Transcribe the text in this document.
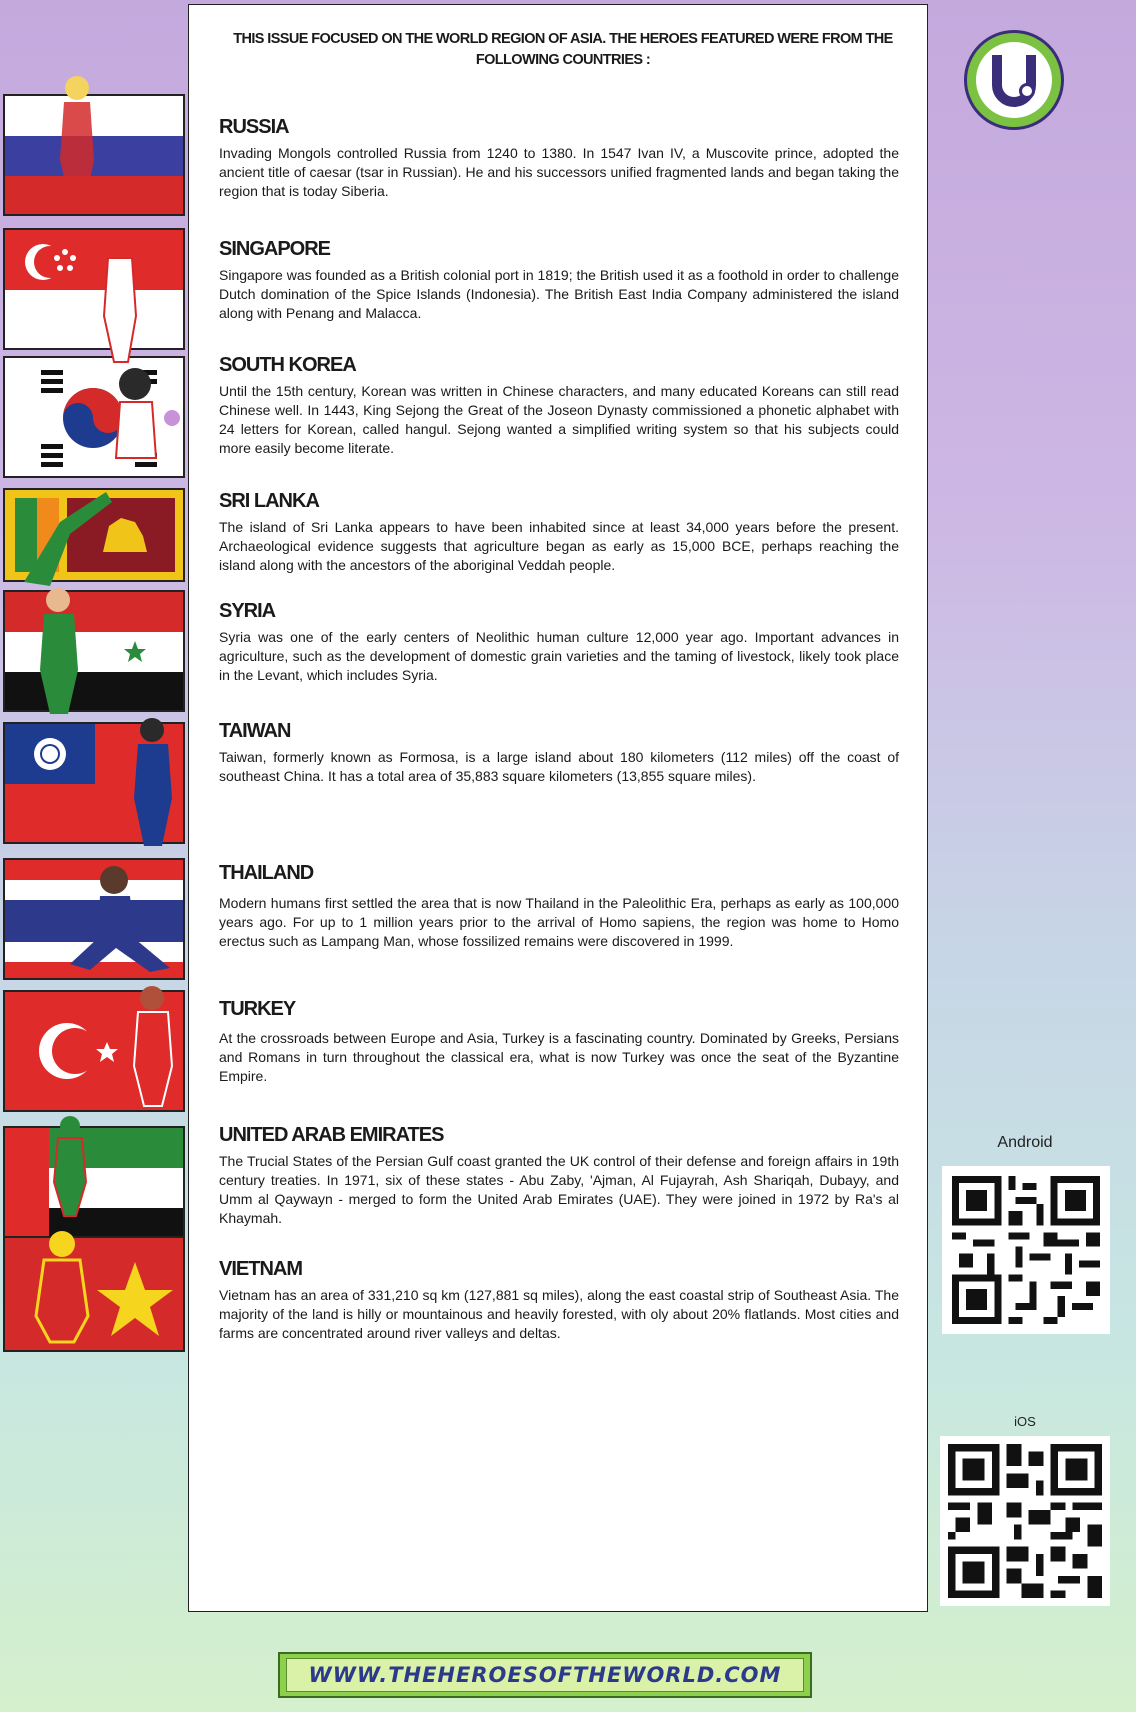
THIS ISSUE FOCUSED ON THE WORLD REGION OF ASIA. THE HEROES FEATURED WERE FROM THE FOLLOWING COUNTRIES :
RUSSIA

Invading Mongols controlled Russia from 1240 to 1380. In 1547 Ivan IV, a Muscovite prince, adopted the ancient title of caesar (tsar in Russian). He and his successors unified fragmented lands and began taking the region that is today Siberia.

SINGAPORE

Singapore was founded as a British colonial port in 1819; the British used it as a foothold in order to challenge Dutch domination of the Spice Islands (Indonesia). The British East India Company administered the island along with Penang and Malacca.

SOUTH KOREA

Until the 15th century, Korean was written in Chinese characters, and many educated Koreans can still read Chinese well. In 1443, King Sejong the Great of the Joseon Dynasty commissioned a phonetic alphabet with 24 letters for Korean, called hangul. Sejong wanted a simplified writing system so that his subjects could more easily become literate.

SRI LANKA

The island of Sri Lanka appears to have been inhabited since at least 34,000 years before the present. Archaeological evidence suggests that agriculture began as early as 15,000 BCE, perhaps reaching the island along with the ancestors of the aboriginal Veddah people.

SYRIA

Syria was one of the early centers of Neolithic human culture 12,000 year ago. Important advances in agriculture, such as the development of domestic grain varieties and the taming of livestock, likely took place in the Levant, which includes Syria.

TAIWAN

Taiwan, formerly known as Formosa, is a large island about 180 kilometers (112 miles) off the coast of southeast China. It has a total area of 35,883 square kilometers (13,855 square miles).

THAILAND

Modern humans first settled the area that is now Thailand in the Paleolithic Era, perhaps as early as 100,000 years ago. For up to 1 million years prior to the arrival of Homo sapiens, the region was home to Homo erectus such as Lampang Man, whose fossilized remains were discovered in 1999.

TURKEY

At the crossroads between Europe and Asia, Turkey is a fascinating country. Dominated by Greeks, Persians and Romans in turn throughout the classical era, what is now Turkey was once the seat of the Byzantine Empire.

UNITED ARAB EMIRATES

The Trucial States of the Persian Gulf coast granted the UK control of their defense and foreign affairs in 19th century treaties. In 1971, six of these states - Abu Zaby, 'Ajman, Al Fujayrah, Ash Shariqah, Dubayy, and Umm al Qaywayn - merged to form the United Arab Emirates (UAE). They were joined in 1972 by Ra's al Khaymah.

VIETNAM

Vietnam has an area of 331,210 sq km (127,881 sq miles), along the east coastal strip of Southeast Asia. The majority of the land is hilly or mountainous and heavily forested, with oly about 20% flatlands. Most cities and farms are concentrated around river valleys and deltas.

Android
iOS
WWW.THEHEROESOFTHEWORLD.COM
